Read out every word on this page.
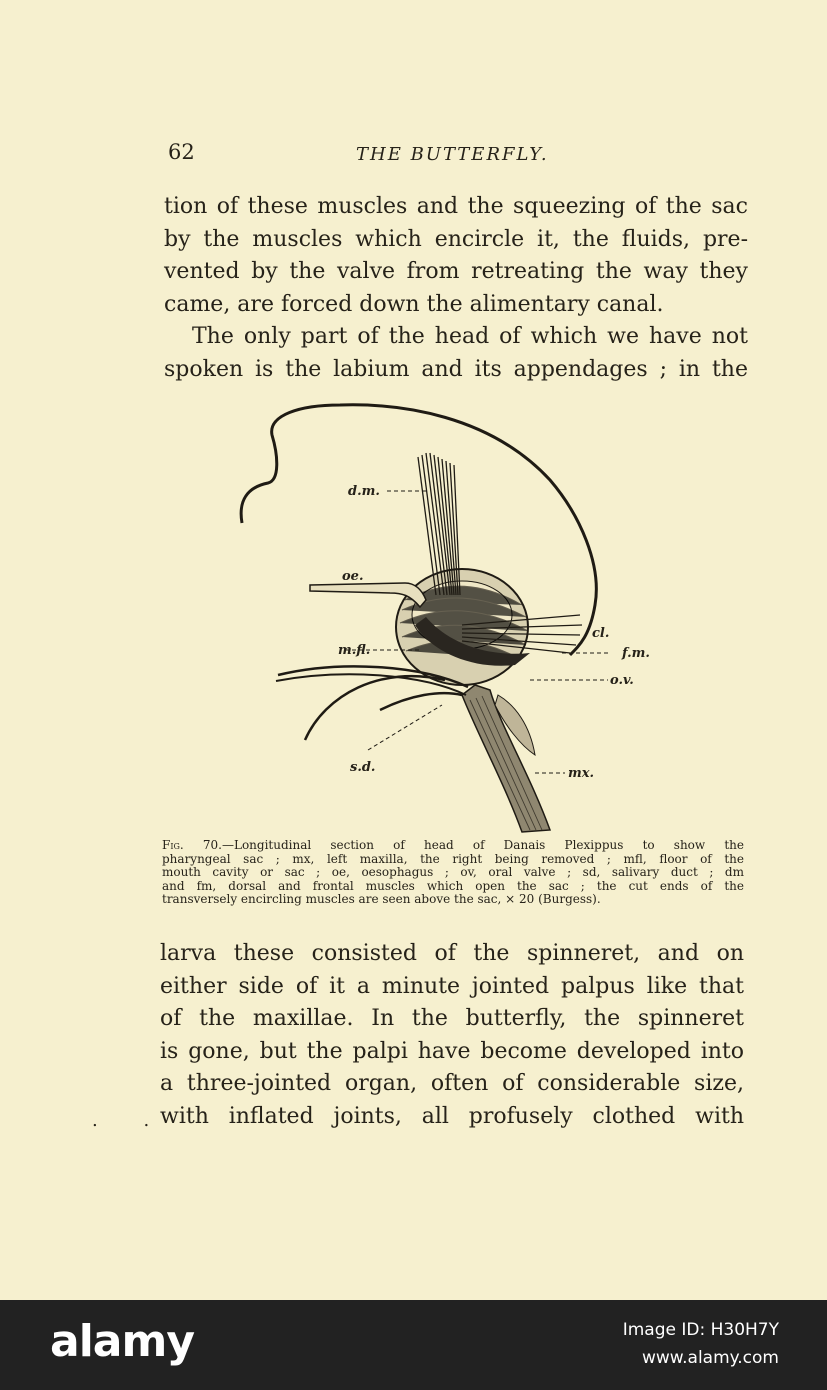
62	THE BUTTERFLY.

tion of these muscles and the squeezing of the sac
by the muscles which encircle it, the fluids, pre-
vented by the valve from retreating the way they
came, are forced down the alimentary canal.

The only part of the head of which we have not
spoken is the labium and its appendages ; in the

d.m.
oe.
cl.
m.fl.	f.m.
o.v.
s.d.	mx.
Fig. 70.—Longitudinal section of head of Danais Plexippus to show the
pharyngeal sac ; mx, left maxilla, the right being removed ; mfl, floor of the
mouth cavity or sac ; oe, oesophagus ; ov, oral valve ; sd, salivary duct ; dm
and fm, dorsal and frontal muscles which open the sac ; the cut ends of the
transversely encircling muscles are seen above the sac, × 20 (Burgess).

larva these consisted of the spinneret, and on
either side of it a minute jointed palpus like that
of the maxillae. In the butterfly, the spinneret
is gone, but the palpi have become developed into
a three-jointed organ, often of considerable size,
with inflated joints, all profusely clothed with

. .
alamy	Image ID: H30H7Y
www.alamy.com
